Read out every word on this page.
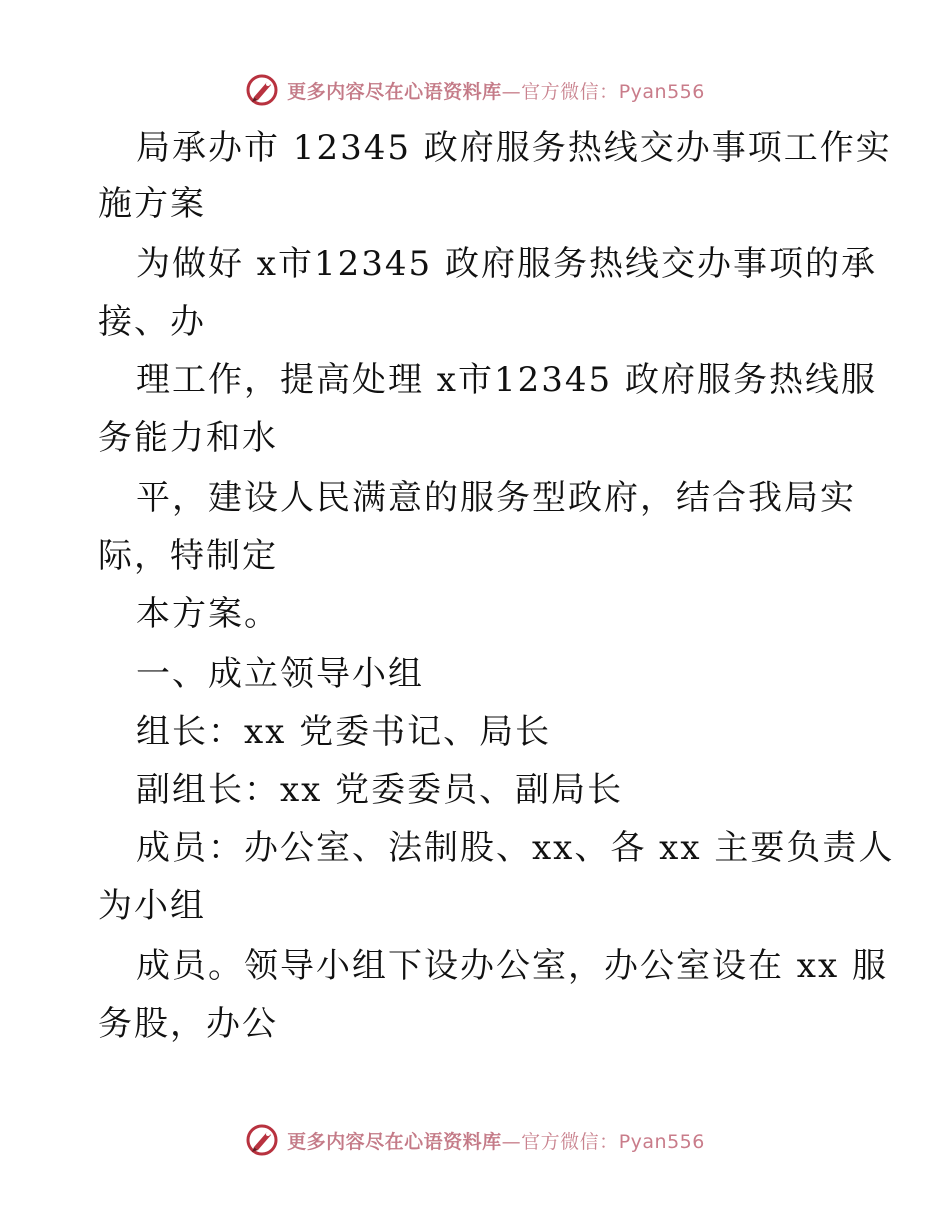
更多内容尽在心语资料库—官方微信：Pyan556
局承办市 12345 政府服务热线交办事项工作实
施方案
为做好 x市12345 政府服务热线交办事项的承
接、办
理工作，提高处理 x市12345 政府服务热线服
务能力和水
平，建设人民满意的服务型政府，结合我局实
际，特制定
本方案。
一、成立领导小组
组长：xx 党委书记、局长
副组长：xx 党委委员、副局长
成员：办公室、法制股、xx、各 xx 主要负责人
为小组
成员。领导小组下设办公室，办公室设在 xx 服
务股，办公
更多内容尽在心语资料库—官方微信：Pyan556
